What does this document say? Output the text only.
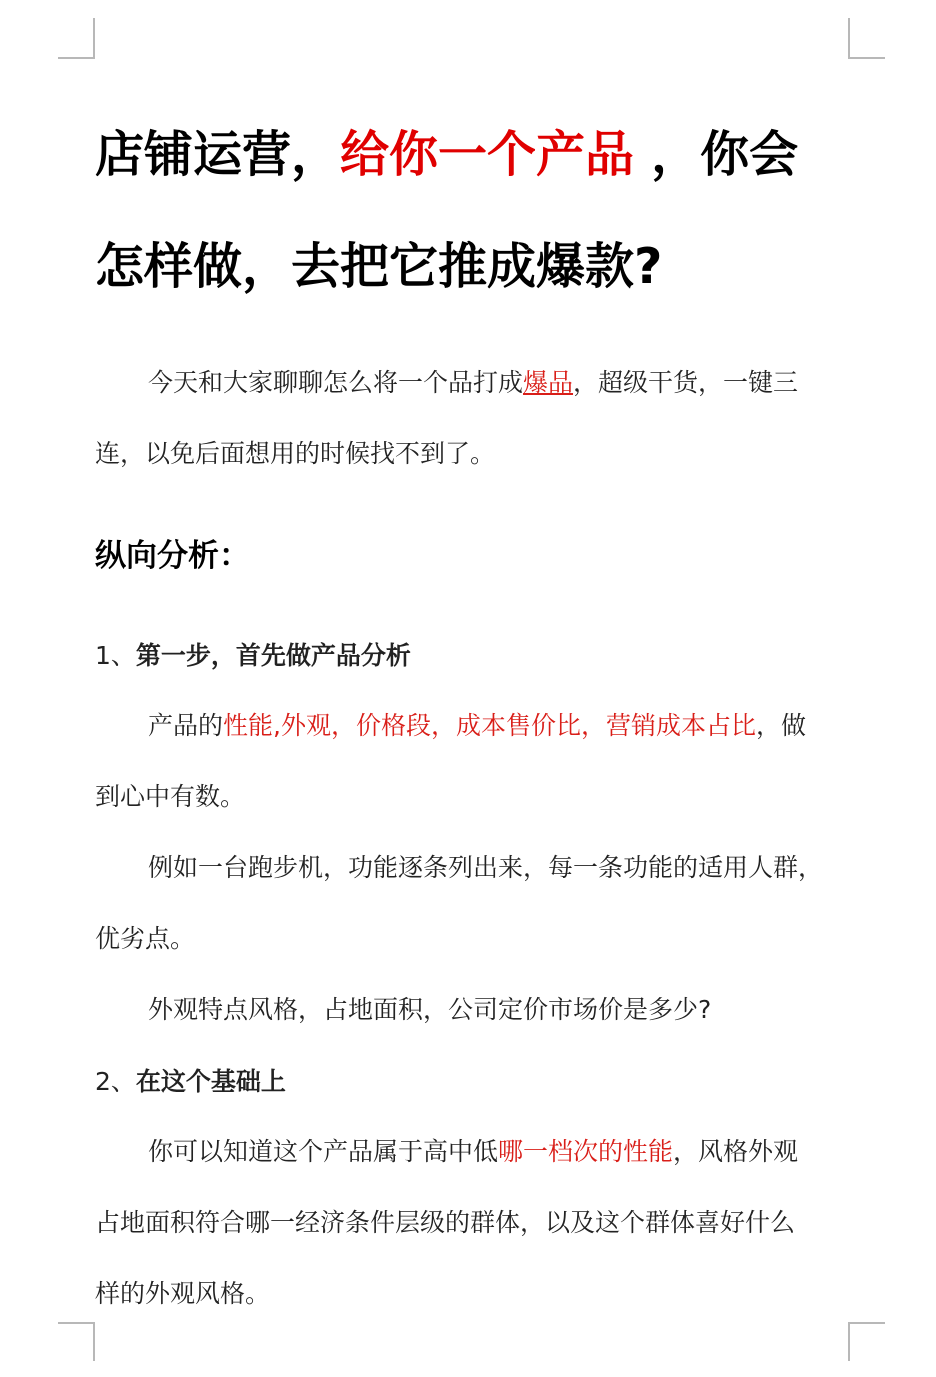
店铺运营，给你一个产品 ，你会
怎样做，去把它推成爆款?

今天和大家聊聊怎么将一个品打成爆品，超级干货，一键三

连，以免后面想用的时候找不到了。

纵向分析：

1、第一步，首先做产品分析

产品的性能,外观，价格段，成本售价比，营销成本占比，做

到心中有数。

例如一台跑步机，功能逐条列出来，每一条功能的适用人群，

优劣点。

外观特点风格，占地面积，公司定价市场价是多少?

2、在这个基础上

你可以知道这个产品属于高中低哪一档次的性能，风格外观

占地面积符合哪一经济条件层级的群体，以及这个群体喜好什么

样的外观风格。
